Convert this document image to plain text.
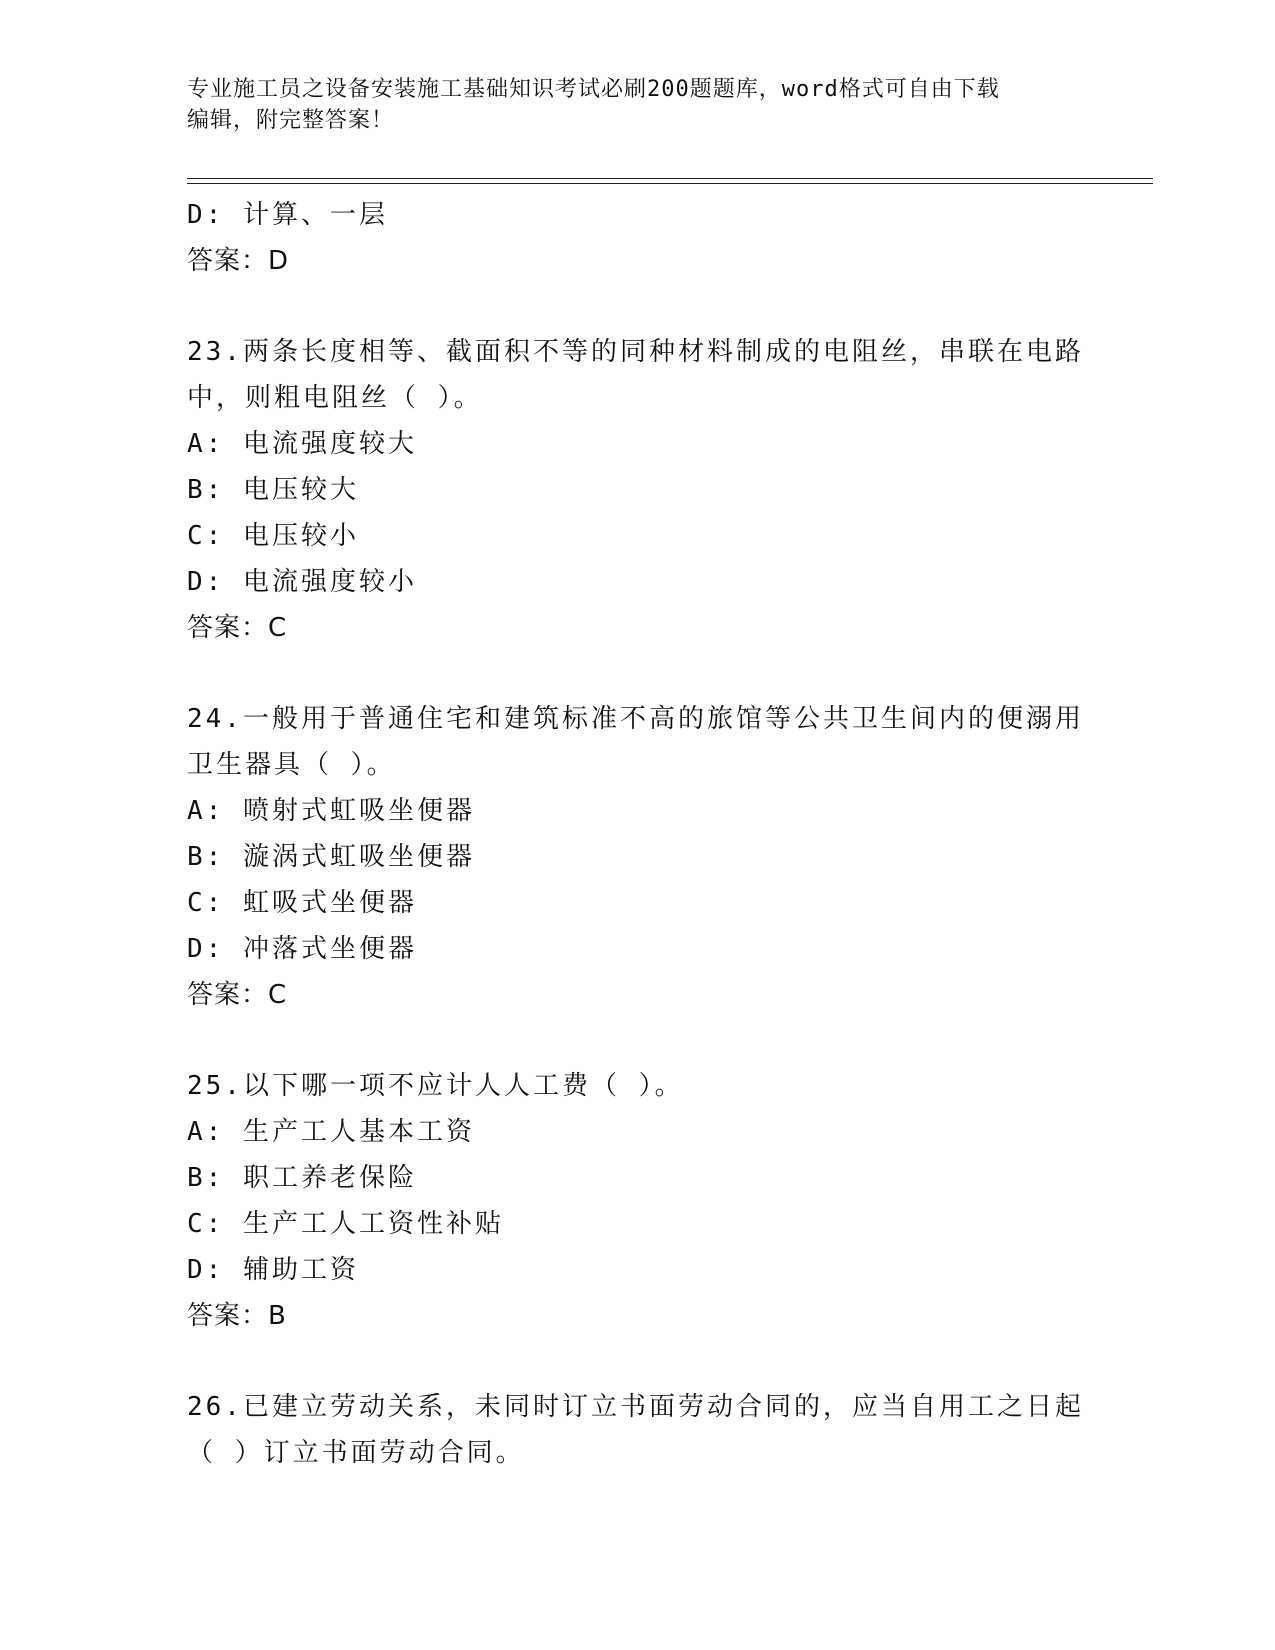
专业施工员之设备安装施工基础知识考试必刷200题题库，word格式可自由下载
编辑，附完整答案！
D: 计算、一层
答案：D
23.两条长度相等、截面积不等的同种材料制成的电阻丝，串联在电路
中，则粗电阻丝（ ）。
A: 电流强度较大
B: 电压较大
C: 电压较小
D: 电流强度较小
答案：C
24.一般用于普通住宅和建筑标准不高的旅馆等公共卫生间内的便溺用
卫生器具（ ）。
A: 喷射式虹吸坐便器
B: 漩涡式虹吸坐便器
C: 虹吸式坐便器
D: 冲落式坐便器
答案：C
25.以下哪一项不应计人人工费（ ）。
A: 生产工人基本工资
B: 职工养老保险
C: 生产工人工资性补贴
D: 辅助工资
答案：B
26.已建立劳动关系，未同时订立书面劳动合同的，应当自用工之日起
（ ）订立书面劳动合同。
